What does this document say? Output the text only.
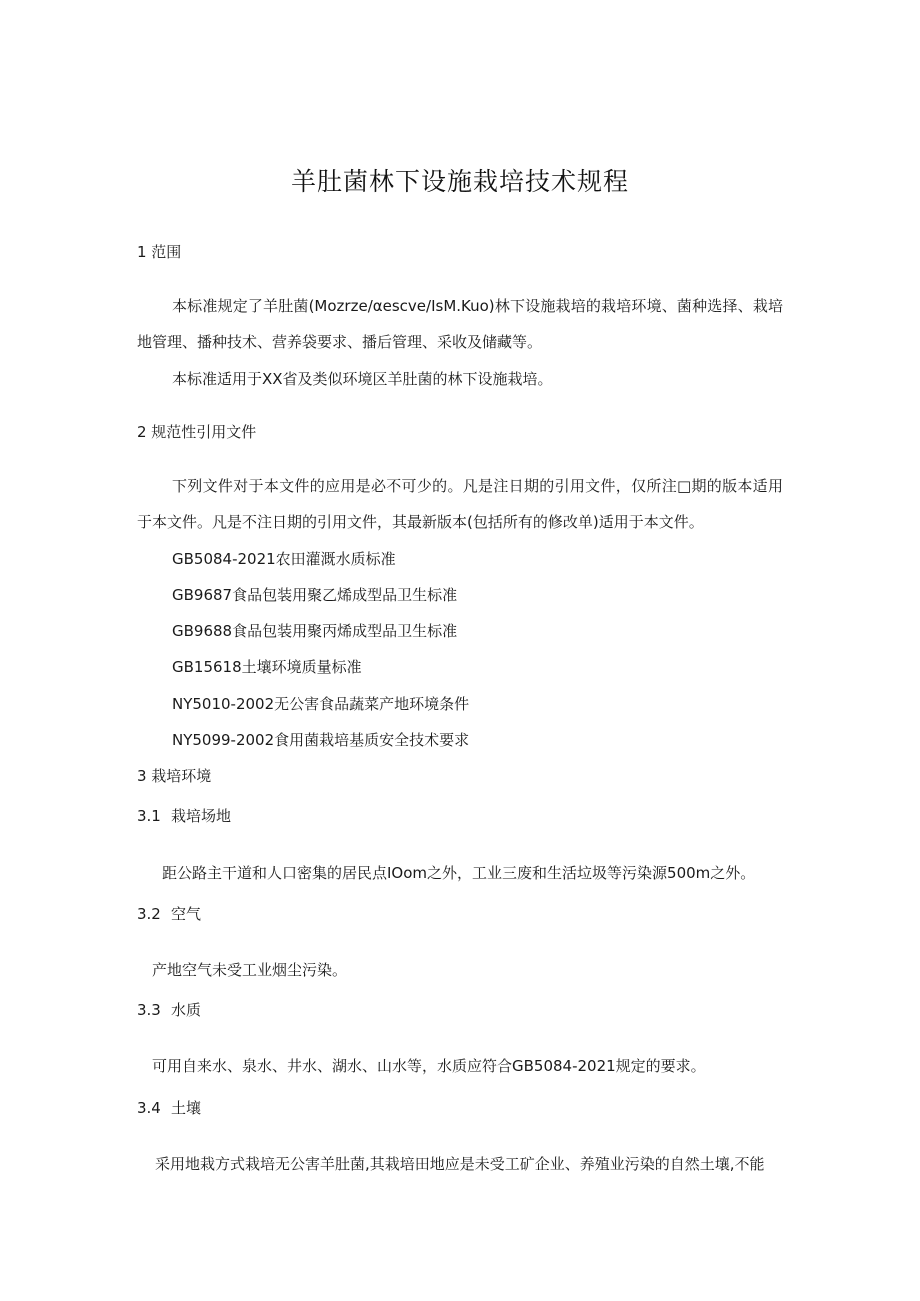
羊肚菌林下设施栽培技术规程
1 范围
本标准规定了羊肚菌(Mozrze/αescve/IsM.Kuo)林下设施栽培的栽培环境、菌种选择、栽培地管理、播种技术、营养袋要求、播后管理、采收及储藏等。
本标准适用于XX省及类似环境区羊肚菌的林下设施栽培。
2 规范性引用文件
下列文件对于本文件的应用是必不可少的。凡是注日期的引用文件，仅所注□期的版本适用于本文件。凡是不注日期的引用文件，其最新版本(包括所有的修改单)适用于本文件。
GB5084-2021农田灌溉水质标准
GB9687食品包装用聚乙烯成型品卫生标准
GB9688食品包装用聚丙烯成型品卫生标准
GB15618土壤环境质量标准
NY5010-2002无公害食品蔬菜产地环境条件
NY5099-2002食用菌栽培基质安全技术要求
3 栽培环境
3.1 栽培场地
距公路主干道和人口密集的居民点IOom之外，工业三废和生活垃圾等污染源500m之外。
3.2 空气
产地空气未受工业烟尘污染。
3.3 水质
可用自来水、泉水、井水、湖水、山水等，水质应符合GB5084-2021规定的要求。
3.4 土壤
采用地栽方式栽培无公害羊肚菌,其栽培田地应是未受工矿企业、养殖业污染的自然土壤,不能
